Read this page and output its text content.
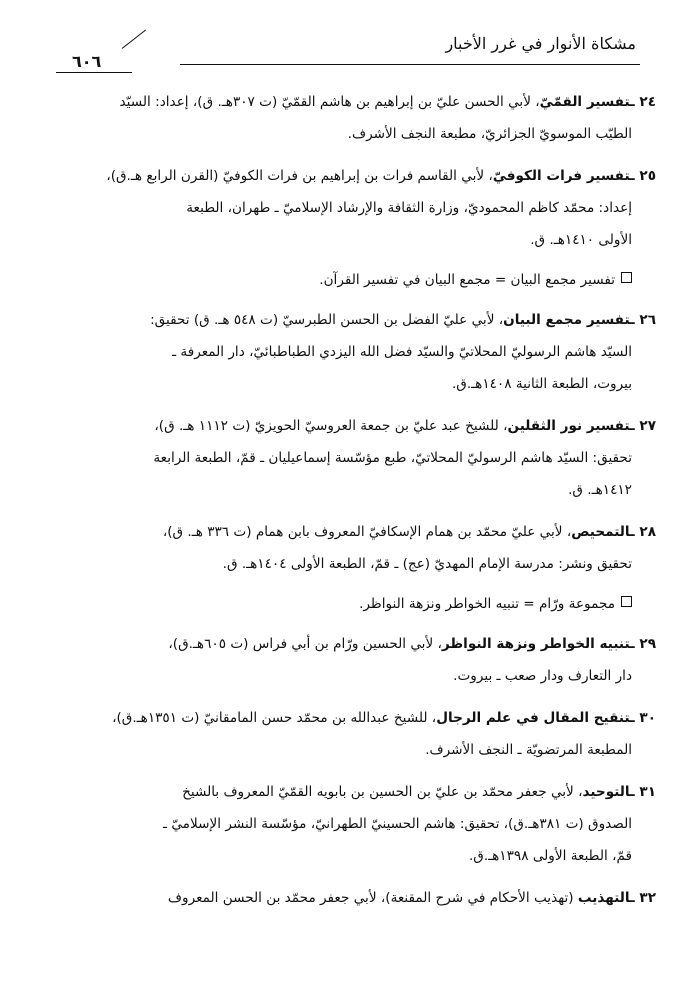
مشكاة الأنوار في غرر الأخبار
٦٠٦
٢٤ ـتفسير القمّيّ، لأبي الحسن عليّ بن إبراهيم بن هاشم القمّيّ (ت ٣٠٧هـ. ق)، إعداد: السيّد
الطيّب الموسويّ الجزائريّ، مطبعة النجف الأشرف.
٢٥ ـتفسير فرات الكوفيّ، لأبي القاسم فرات بن إبراهيم بن فرات الكوفيّ (القرن الرابع هـ.ق)،
إعداد: محمّد كاظم المحموديّ، وزارة الثقافة والإرشاد الإسلاميّ ـ طهران، الطبعة
الأولى ١٤١٠هـ. ق.
تفسير مجمع البيان = مجمع البيان في تفسير القرآن.
٢٦ ـتفسير مجمع البيان، لأبي عليّ الفضل بن الحسن الطبرسيّ (ت ٥٤٨ هـ. ق) تحقيق:
السيّد هاشم الرسوليّ المحلاتيّ والسيّد فضل الله اليزدي الطباطبائيّ، دار المعرفة ـ
بيروت، الطبعة الثانية ١٤٠٨هـ.ق.
٢٧ ـتفسير نور الثقلين، للشيخ عبد عليّ بن جمعة العروسيّ الحويزيّ (ت ١١١٢ هـ. ق)،
تحقيق: السيّد هاشم الرسوليّ المحلاتيّ، طبع مؤسّسة إسماعيليان ـ قمّ، الطبعة الرابعة
١٤١٢هـ. ق.
٢٨ ـالتمحيص، لأبي عليّ محمّد بن همام الإسكافيّ المعروف بابن همام (ت ٣٣٦ هـ. ق)،
تحقيق ونشر: مدرسة الإمام المهديّ (عج) ـ قمّ، الطبعة الأولى ١٤٠٤هـ. ق.
مجموعة ورّام = تنبيه الخواطر ونزهة النواظر.
٢٩ ـتنبيه الخواطر ونزهة النواظر، لأبي الحسين ورّام بن أبي فراس (ت ٦٠٥هـ.ق)،
دار التعارف ودار صعب ـ بيروت.
٣٠ ـتنقيح المقال في علم الرجال، للشيخ عبدالله بن محمّد حسن المامقانيّ (ت ١٣٥١هـ.ق)،
المطبعة المرتضويّة ـ النجف الأشرف.
٣١ ـالتوحيد، لأبي جعفر محمّد بن عليّ بن الحسين بن بابويه القمّيّ المعروف بالشيخ
الصدوق (ت ٣٨١هـ.ق)، تحقيق: هاشم الحسينيّ الطهرانيّ، مؤسّسة النشر الإسلاميّ ـ
قمّ، الطبعة الأولى ١٣٩٨هـ.ق.
٣٢ ـالتهذيب (تهذيب الأحكام في شرح المقنعة)، لأبي جعفر محمّد بن الحسن المعروف
